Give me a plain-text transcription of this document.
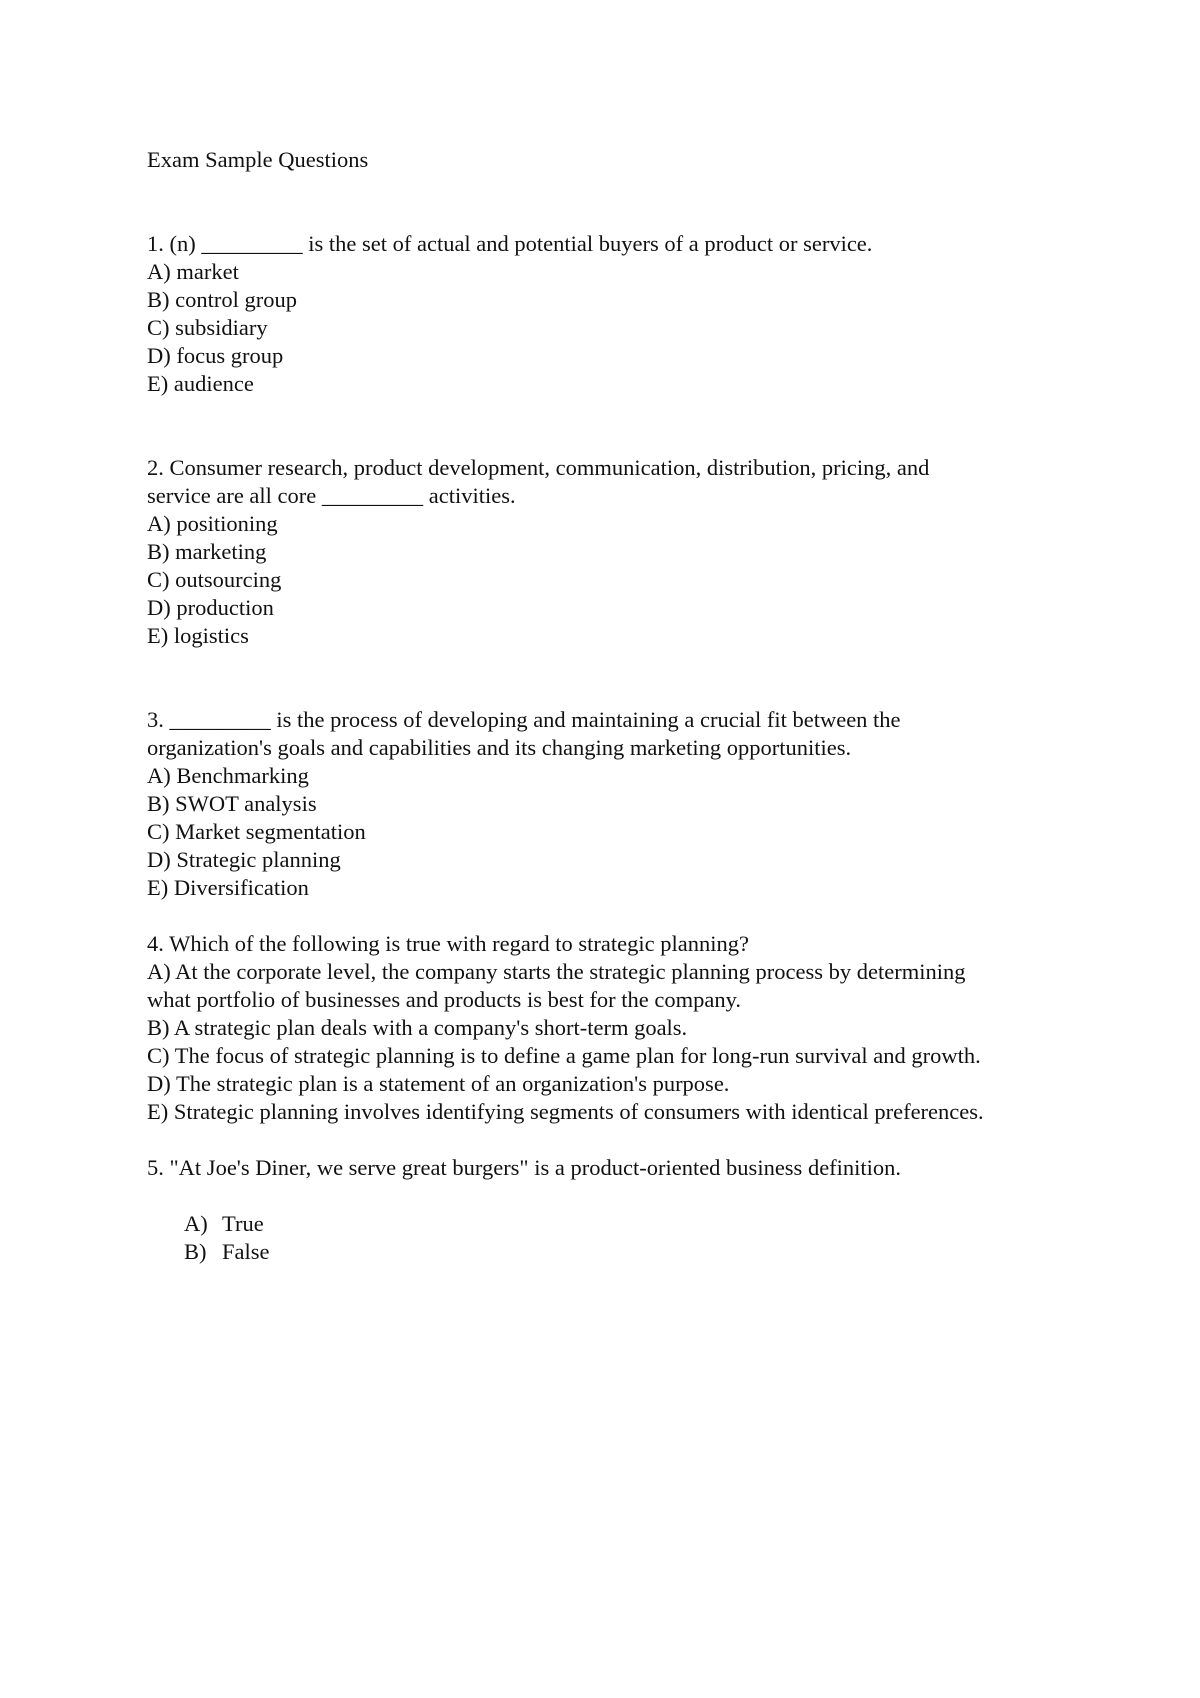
Exam Sample Questions
1. (n) _________ is the set of actual and potential buyers of a product or service.
A) market
B) control group
C) subsidiary
D) focus group
E) audience
2. Consumer research, product development, communication, distribution, pricing, and
service are all core _________ activities.
A) positioning
B) marketing
C) outsourcing
D) production
E) logistics
3. _________ is the process of developing and maintaining a crucial fit between the
organization's goals and capabilities and its changing marketing opportunities.
A) Benchmarking
B) SWOT analysis
C) Market segmentation
D) Strategic planning
E) Diversification
4. Which of the following is true with regard to strategic planning?
A) At the corporate level, the company starts the strategic planning process by determining
what portfolio of businesses and products is best for the company.
B) A strategic plan deals with a company's short-term goals.
C) The focus of strategic planning is to define a game plan for long-run survival and growth.
D) The strategic plan is a statement of an organization's purpose.
E) Strategic planning involves identifying segments of consumers with identical preferences.
5. "At Joe's Diner, we serve great burgers" is a product-oriented business definition.
A) True
B) False
